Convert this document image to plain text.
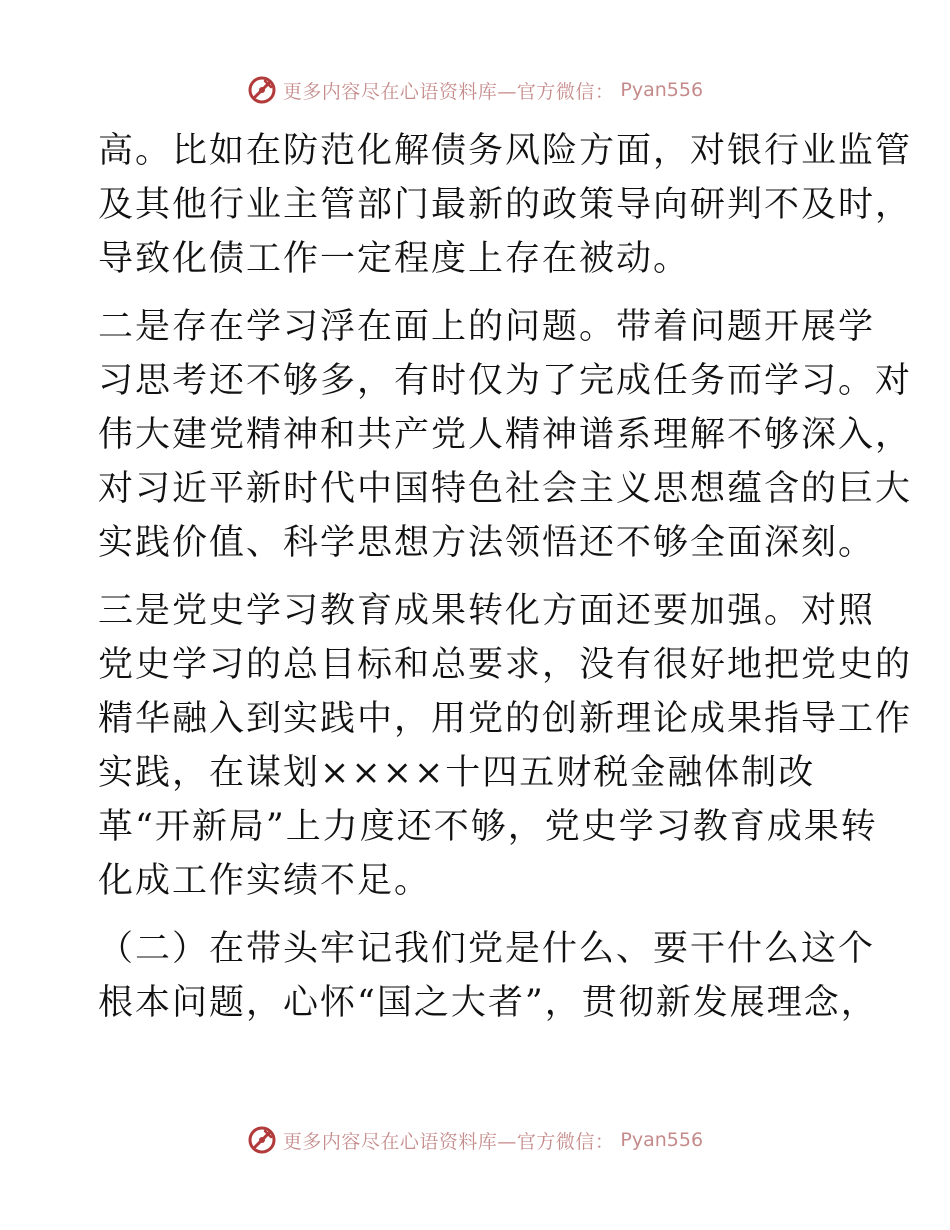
更多内容尽在心语资料库—官方微信： Pyan556
高。比如在防范化解债务风险方面，对银行业监管
及其他行业主管部门最新的政策导向研判不及时，
导致化债工作一定程度上存在被动。
二是存在学习浮在面上的问题。带着问题开展学
习思考还不够多，有时仅为了完成任务而学习。对
伟大建党精神和共产党人精神谱系理解不够深入，
对习近平新时代中国特色社会主义思想蕴含的巨大
实践价值、科学思想方法领悟还不够全面深刻。
三是党史学习教育成果转化方面还要加强。对照
党史学习的总目标和总要求，没有很好地把党史的
精华融入到实践中，用党的创新理论成果指导工作
实践，在谋划××××十四五财税金融体制改
革“开新局”上力度还不够，党史学习教育成果转
化成工作实绩不足。
（二）在带头牢记我们党是什么、要干什么这个
根本问题，心怀“国之大者”，贯彻新发展理念，
更多内容尽在心语资料库—官方微信： Pyan556
